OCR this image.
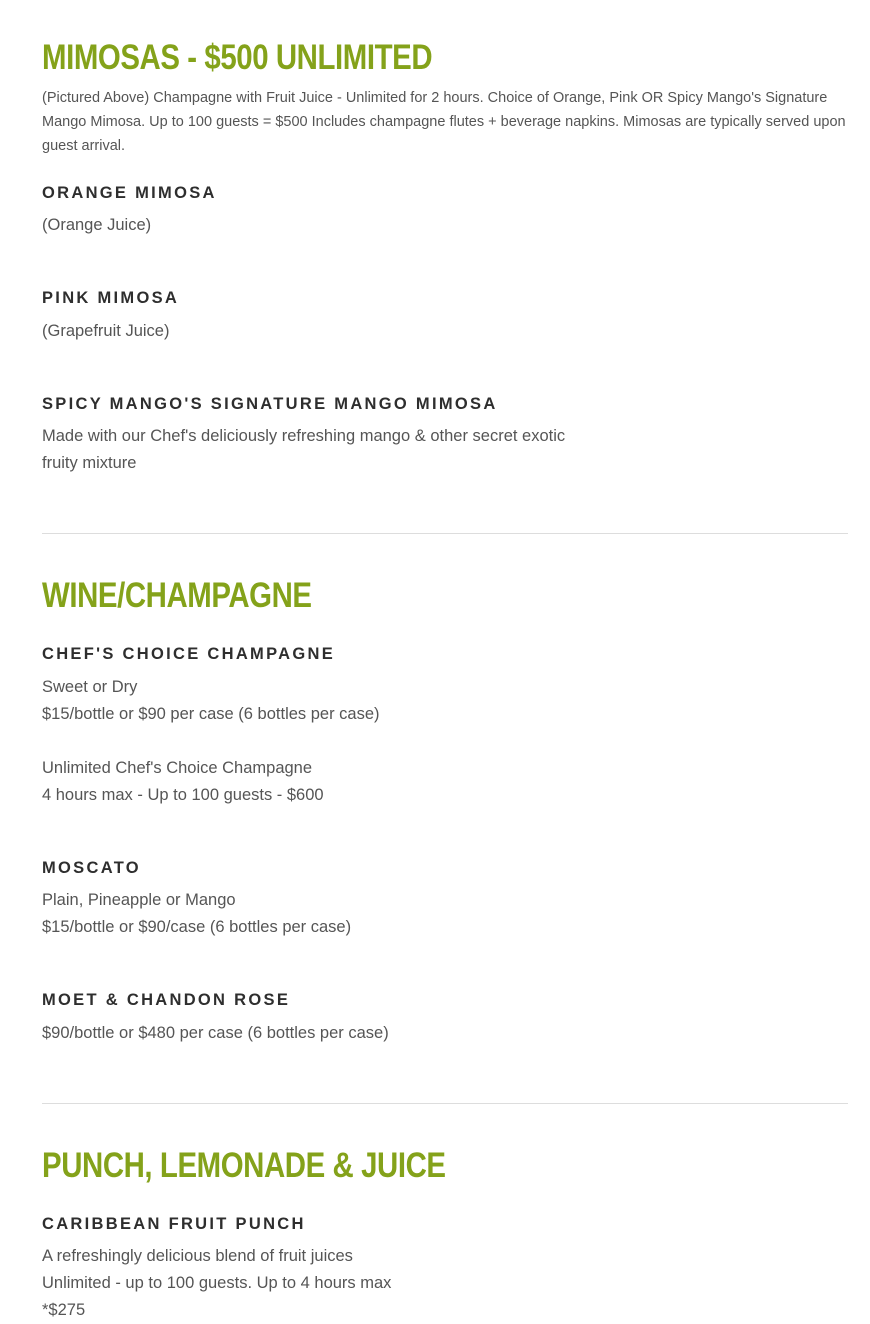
MIMOSAS - $500 UNLIMITED

(Pictured Above) Champagne with Fruit Juice - Unlimited for 2 hours. Choice of Orange, Pink OR Spicy Mango's Signature Mango Mimosa. Up to 100 guests = $500 Includes champagne flutes + beverage napkins. Mimosas are typically served upon guest arrival.

ORANGE MIMOSA

(Orange Juice)

PINK MIMOSA

(Grapefruit Juice)

SPICY MANGO'S SIGNATURE MANGO MIMOSA

Made with our Chef's deliciously refreshing mango & other secret exotic
fruity mixture

WINE/CHAMPAGNE
CHEF'S CHOICE CHAMPAGNE

Sweet or Dry
$15/bottle or $90 per case (6 bottles per case)

Unlimited Chef's Choice Champagne
4 hours max - Up to 100 guests - $600

MOSCATO

Plain, Pineapple or Mango
$15/bottle or $90/case (6 bottles per case)

MOET & CHANDON ROSE

$90/bottle or $480 per case (6 bottles per case)

PUNCH, LEMONADE & JUICE
CARIBBEAN FRUIT PUNCH

A refreshingly delicious blend of fruit juices
Unlimited - up to 100 guests. Up to 4 hours max
*$275
